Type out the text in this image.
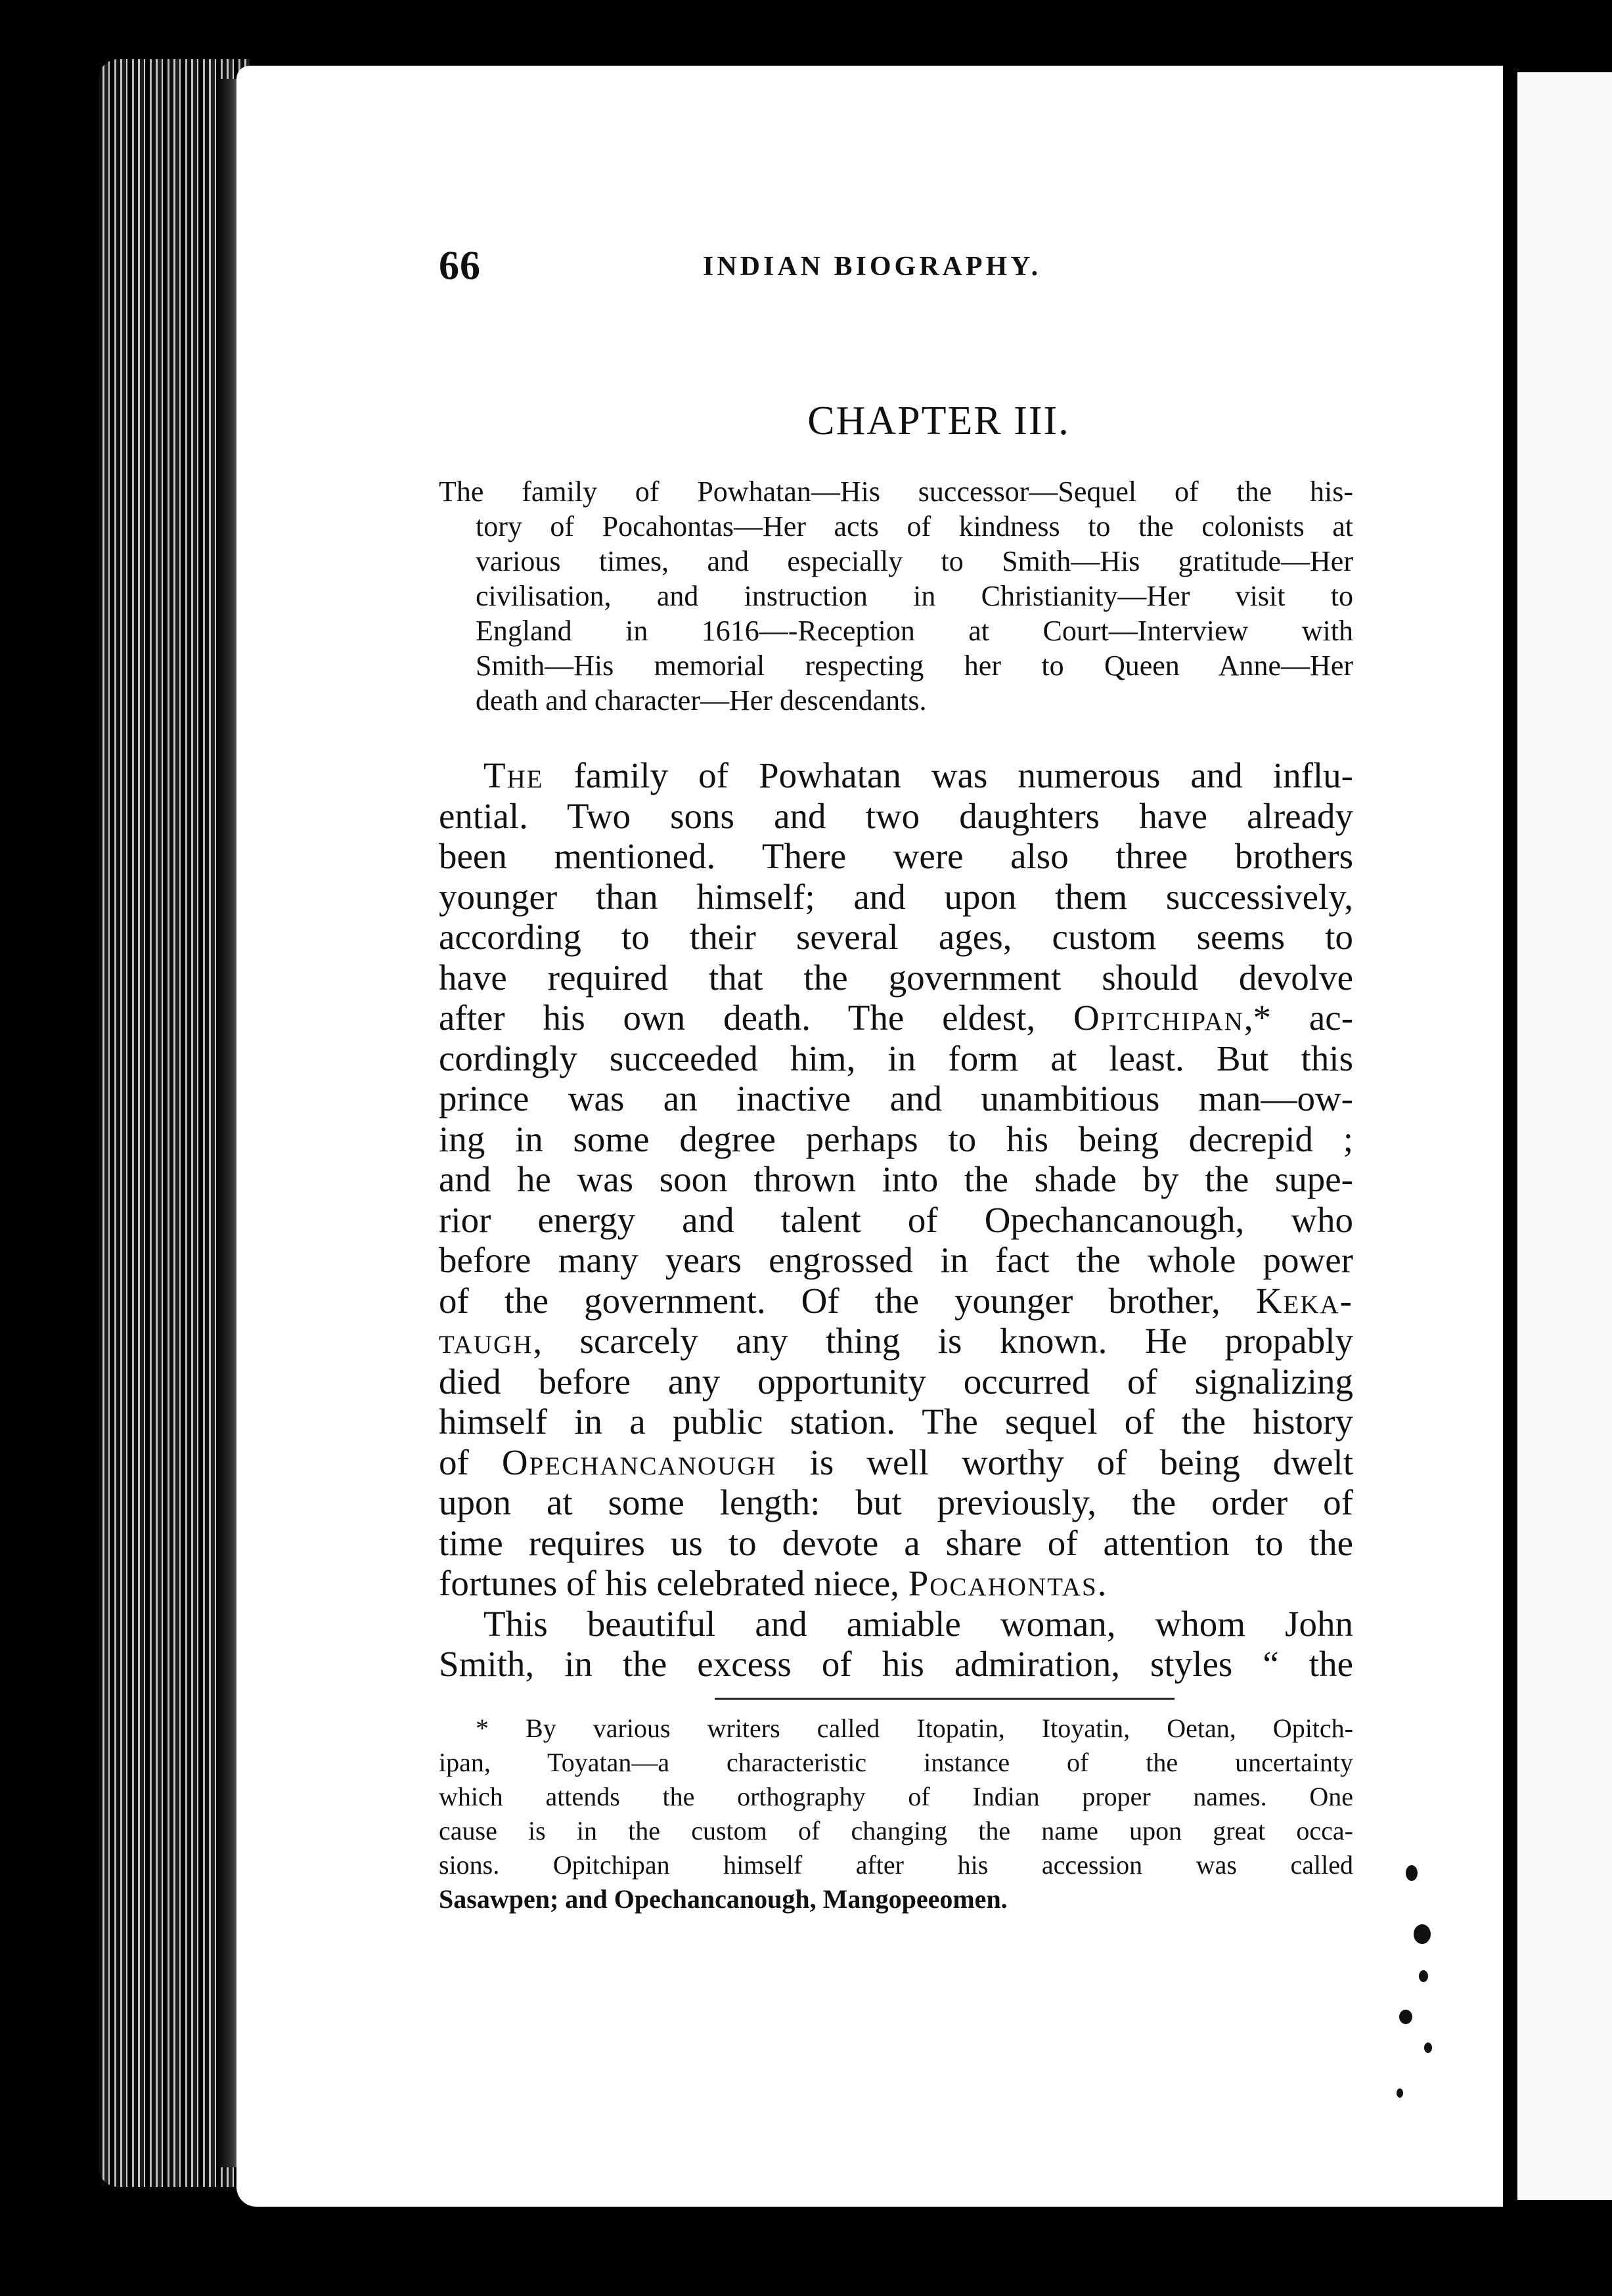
66	INDIAN BIOGRAPHY.
CHAPTER III.
The family of Powhatan—His successor—Sequel of the his-
tory of Pocahontas—Her acts of kindness to the colonists at
various times, and especially to Smith—His gratitude—Her
civilisation, and instruction in Christianity—Her visit to
England in 1616—-Reception at Court—Interview with
Smith—His memorial respecting her to Queen Anne—Her
death and character—Her descendants.
The family of Powhatan was numerous and influ-
ential. Two sons and two daughters have already
been mentioned. There were also three brothers
younger than himself; and upon them successively,
according to their several ages, custom seems to
have required that the government should devolve
after his own death. The eldest, Opitchipan,* ac-
cordingly succeeded him, in form at least. But this
prince was an inactive and unambitious man—ow-
ing in some degree perhaps to his being decrepid ;
and he was soon thrown into the shade by the supe-
rior energy and talent of Opechancanough, who
before many years engrossed in fact the whole power
of the government. Of the younger brother, Keka-
taugh, scarcely any thing is known. He propably
died before any opportunity occurred of signalizing
himself in a public station. The sequel of the history
of Opechancanough is well worthy of being dwelt
upon at some length: but previously, the order of
time requires us to devote a share of attention to the
fortunes of his celebrated niece, Pocahontas.
This beautiful and amiable woman, whom John
Smith, in the excess of his admiration, styles “ the
* By various writers called Itopatin, Itoyatin, Oetan, Opitch-
ipan, Toyatan—a characteristic instance of the uncertainty
which attends the orthography of Indian proper names. One
cause is in the custom of changing the name upon great occa-
sions. Opitchipan himself after his accession was called
Sasawpen; and Opechancanough, Mangopeeomen.
